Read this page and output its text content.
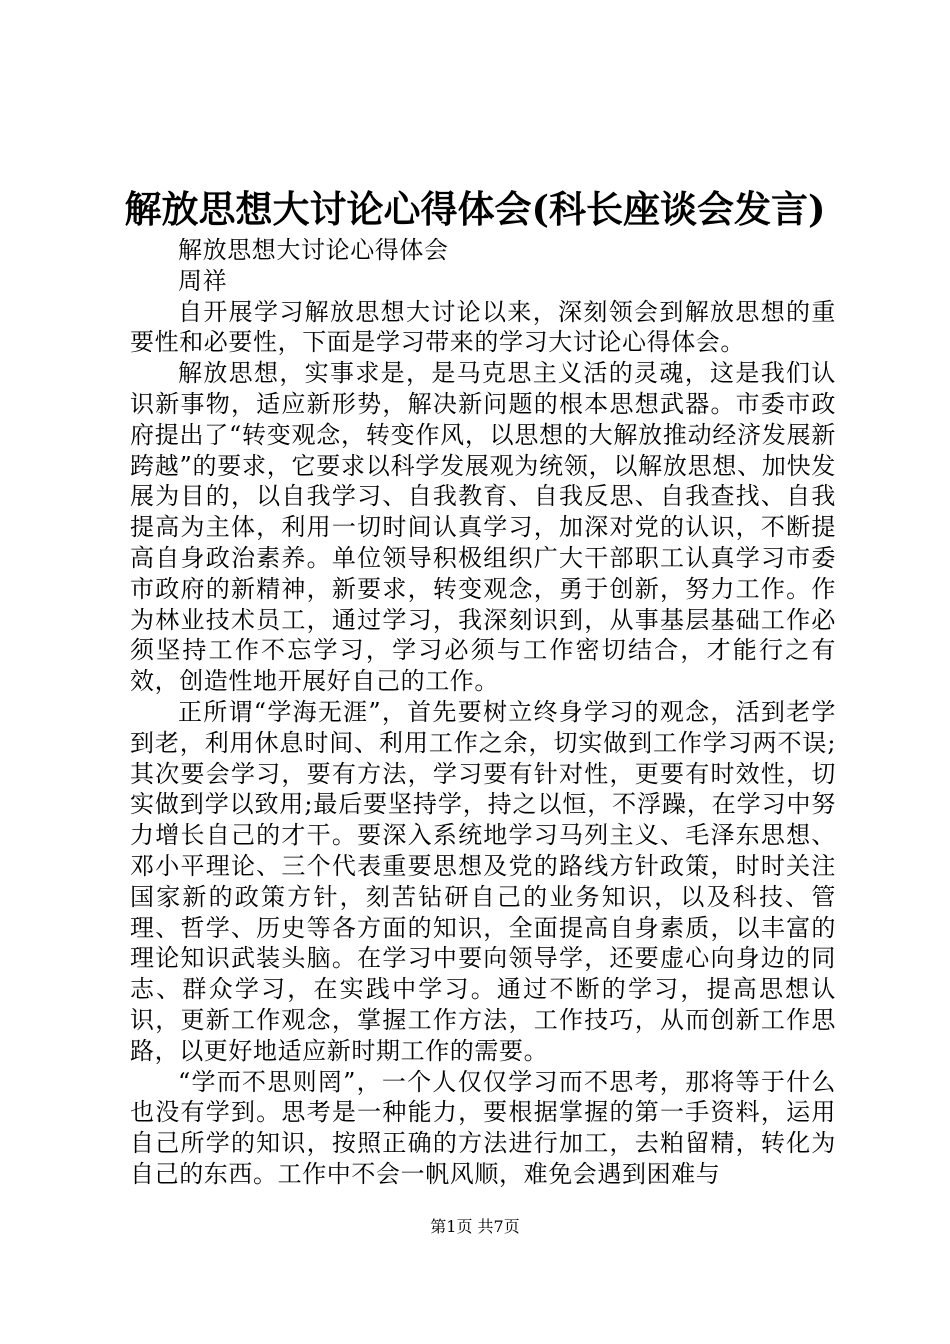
解放思想大讨论心得体会(科长座谈会发言)

解放思想大讨论心得体会

周祥

自开展学习解放思想大讨论以来，深刻领会到解放思想的重要性和必要性，下面是学习带来的学习大讨论心得体会。

解放思想，实事求是，是马克思主义活的灵魂，这是我们认识新事物，适应新形势，解决新问题的根本思想武器。市委市政府提出了“转变观念，转变作风，以思想的大解放推动经济发展新跨越”的要求，它要求以科学发展观为统领，以解放思想、加快发展为目的，以自我学习、自我教育、自我反思、自我查找、自我提高为主体，利用一切时间认真学习，加深对党的认识，不断提高自身政治素养。单位领导积极组织广大干部职工认真学习市委市政府的新精神，新要求，转变观念，勇于创新，努力工作。作为林业技术员工，通过学习，我深刻识到，从事基层基础工作必须坚持工作不忘学习，学习必须与工作密切结合，才能行之有效，创造性地开展好自己的工作。

正所谓“学海无涯”，首先要树立终身学习的观念，活到老学到老，利用休息时间、利用工作之余，切实做到工作学习两不误;其次要会学习，要有方法，学习要有针对性，更要有时效性，切实做到学以致用;最后要坚持学，持之以恒，不浮躁，在学习中努力增长自己的才干。要深入系统地学习马列主义、毛泽东思想、邓小平理论、三个代表重要思想及党的路线方针政策，时时关注国家新的政策方针，刻苦钻研自己的业务知识，以及科技、管理、哲学、历史等各方面的知识，全面提高自身素质，以丰富的理论知识武装头脑。在学习中要向领导学，还要虚心向身边的同志、群众学习，在实践中学习。通过不断的学习，提高思想认识，更新工作观念，掌握工作方法，工作技巧，从而创新工作思路，以更好地适应新时期工作的需要。

“学而不思则罔”，一个人仅仅学习而不思考，那将等于什么也没有学到。思考是一种能力，要根据掌握的第一手资料，运用自己所学的知识，按照正确的方法进行加工，去粕留精，转化为自己的东西。工作中不会一帆风顺，难免会遇到困难与

第1页 共7页
